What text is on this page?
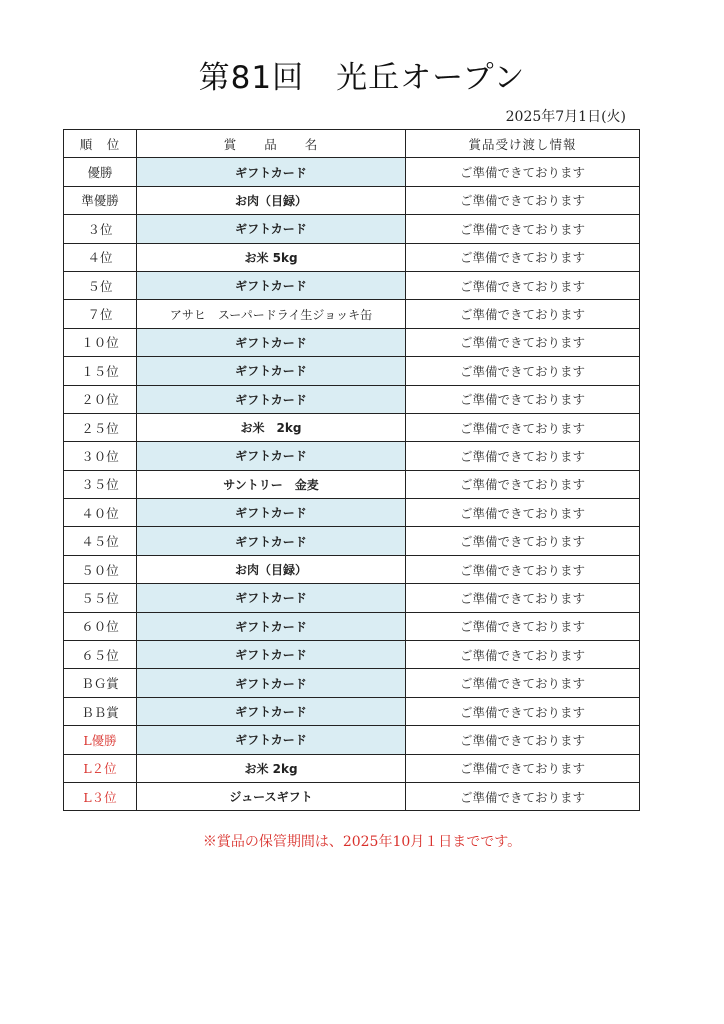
第81回　光丘オープン
2025年7月1日(火)
順　位	賞　　品　　名	賞品受け渡し情報
優勝	ギフトカード	ご準備できております
準優勝	お肉（目録）	ご準備できております
３位	ギフトカード	ご準備できております
４位	お米 5kg	ご準備できております
５位	ギフトカード	ご準備できております
７位	アサヒ　スーパードライ生ジョッキ缶	ご準備できております
１０位	ギフトカード	ご準備できております
１５位	ギフトカード	ご準備できております
２０位	ギフトカード	ご準備できております
２５位	お米　2kg	ご準備できております
３０位	ギフトカード	ご準備できております
３５位	サントリー　金麦	ご準備できております
４０位	ギフトカード	ご準備できております
４５位	ギフトカード	ご準備できております
５０位	お肉（目録）	ご準備できております
５５位	ギフトカード	ご準備できております
６０位	ギフトカード	ご準備できております
６５位	ギフトカード	ご準備できております
ＢＧ賞	ギフトカード	ご準備できております
ＢＢ賞	ギフトカード	ご準備できております
L優勝	ギフトカード	ご準備できております
L２位	お米 2kg	ご準備できております
L３位	ジュースギフト	ご準備できております
※賞品の保管期間は、2025年10月１日までです。
